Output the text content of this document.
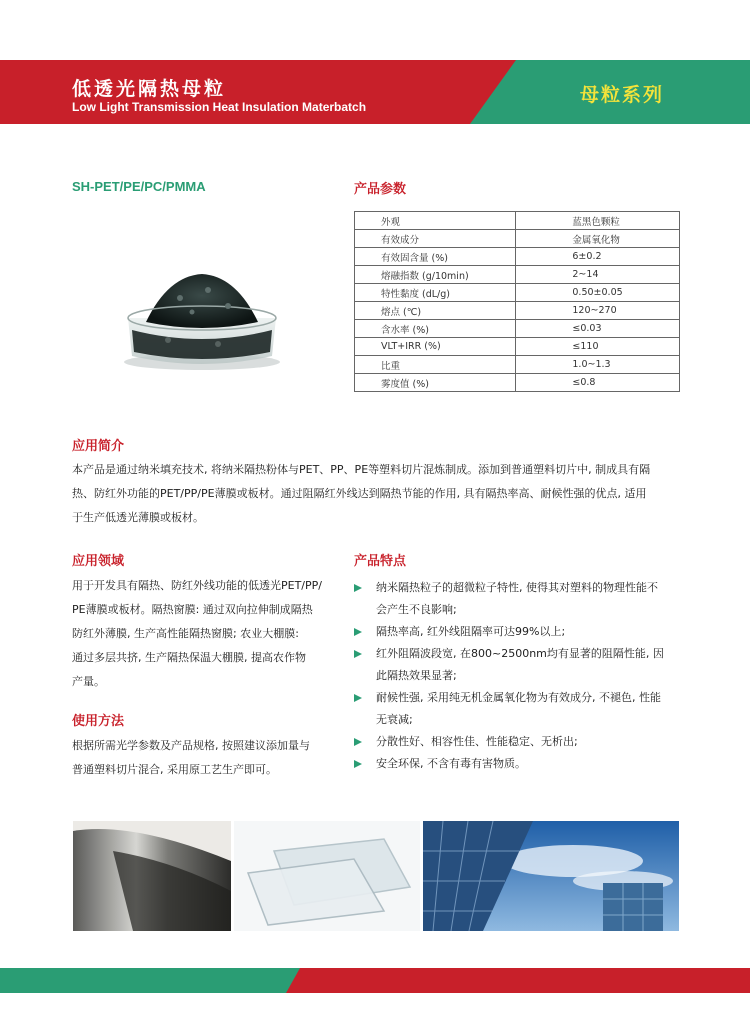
低透光隔热母粒
Low Light Transmission Heat Insulation Materbatch
母粒系列
SH-PET/PE/PC/PMMA	产品参数
外观	蓝黑色颗粒
有效成分	金属氧化物
有效固含量 (%)	6±0.2
熔融指数 (g/10min)	2~14
特性黏度 (dL/g)	0.50±0.05
熔点 (℃)	120~270
含水率 (%)	≤0.03
VLT+IRR (%)	≤110
比重	1.0~1.3
雾度值 (%)	≤0.8
应用简介
本产品是通过纳米填充技术, 将纳米隔热粉体与PET、PP、PE等塑料切片混炼制成。添加到普通塑料切片中, 制成具有隔
热、防红外功能的PET/PP/PE薄膜或板材。通过阻隔红外线达到隔热节能的作用, 具有隔热率高、耐候性强的优点, 适用
于生产低透光薄膜或板材。
应用领域
用于开发具有隔热、防红外线功能的低透光PET/PP/
PE薄膜或板材。隔热窗膜: 通过双向拉伸制成隔热
防红外薄膜, 生产高性能隔热窗膜; 农业大棚膜:
通过多层共挤, 生产隔热保温大棚膜, 提高农作物
产量。
使用方法
根据所需光学参数及产品规格, 按照建议添加量与
普通塑料切片混合, 采用原工艺生产即可。
产品特点
纳米隔热粒子的超微粒子特性, 使得其对塑料的物理性能不
会产生不良影响;
隔热率高, 红外线阻隔率可达99%以上;
红外阻隔波段宽, 在800~2500nm均有显著的阻隔性能, 因
此隔热效果显著;
耐候性强, 采用纯无机金属氧化物为有效成分, 不褪色, 性能
无衰减;
分散性好、相容性佳、性能稳定、无析出;
安全环保, 不含有毒有害物质。
